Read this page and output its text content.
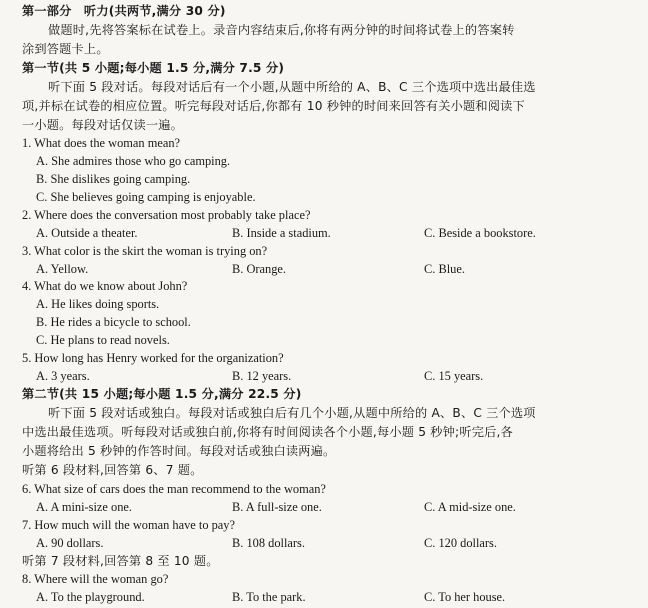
第一部分　听力(共两节,满分 30 分)
做题时,先将答案标在试卷上。录音内容结束后,你将有两分钟的时间将试卷上的答案转
涂到答题卡上。
第一节(共 5 小题;每小题 1.5 分,满分 7.5 分)
听下面 5 段对话。每段对话后有一个小题,从题中所给的 A、B、C 三个选项中选出最佳选
项,并标在试卷的相应位置。听完每段对话后,你都有 10 秒钟的时间来回答有关小题和阅读下
一小题。每段对话仅读一遍。
1. What does the woman mean?
A. She admires those who go camping.
B. She dislikes going camping.
C. She believes going camping is enjoyable.
2. Where does the conversation most probably take place?
A. Outside a theater.	B. Inside a stadium.	C. Beside a bookstore.
3. What color is the skirt the woman is trying on?
A. Yellow.	B. Orange.	C. Blue.
4. What do we know about John?
A. He likes doing sports.
B. He rides a bicycle to school.
C. He plans to read novels.
5. How long has Henry worked for the organization?
A. 3 years.	B. 12 years.	C. 15 years.
第二节(共 15 小题;每小题 1.5 分,满分 22.5 分)
听下面 5 段对话或独白。每段对话或独白后有几个小题,从题中所给的 A、B、C 三个选项
中选出最佳选项。听每段对话或独白前,你将有时间阅读各个小题,每小题 5 秒钟;听完后,各
小题将给出 5 秒钟的作答时间。每段对话或独白读两遍。
听第 6 段材料,回答第 6、7 题。
6. What size of cars does the man recommend to the woman?
A. A mini-size one.	B. A full-size one.	C. A mid-size one.
7. How much will the woman have to pay?
A. 90 dollars.	B. 108 dollars.	C. 120 dollars.
听第 7 段材料,回答第 8 至 10 题。
8. Where will the woman go?
A. To the playground.	B. To the park.	C. To her house.
